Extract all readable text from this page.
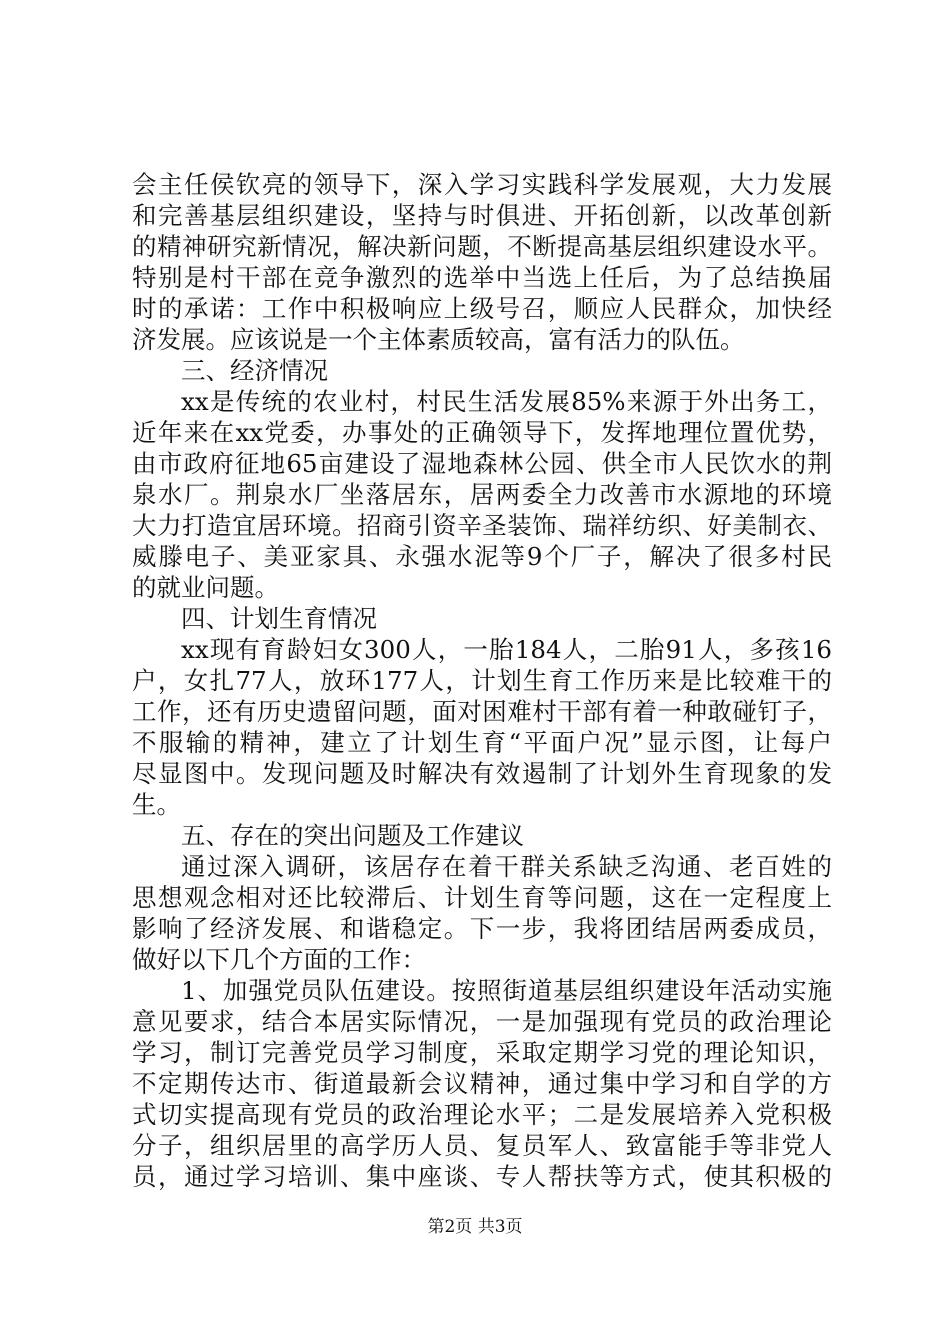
会主任侯钦亮的领导下，深入学习实践科学发展观，大力发展
和完善基层组织建设，坚持与时俱进、开拓创新，以改革创新
的精神研究新情况，解决新问题，不断提高基层组织建设水平。
特别是村干部在竞争激烈的选举中当选上任后，为了总结换届
时的承诺：工作中积极响应上级号召，顺应人民群众，加快经
济发展。应该说是一个主体素质较高，富有活力的队伍。
三、经济情况
xx是传统的农业村，村民生活发展85%来源于外出务工，
近年来在xx党委，办事处的正确领导下，发挥地理位置优势，
由市政府征地65亩建设了湿地森林公园、供全市人民饮水的荆
泉水厂。荆泉水厂坐落居东，居两委全力改善市水源地的环境
大力打造宜居环境。招商引资辛圣装饰、瑞祥纺织、好美制衣、
威滕电子、美亚家具、永强水泥等9个厂子，解决了很多村民
的就业问题。
四、计划生育情况
xx现有育龄妇女300人，一胎184人，二胎91人，多孩16
户，女扎77人，放环177人，计划生育工作历来是比较难干的
工作，还有历史遗留问题，面对困难村干部有着一种敢碰钉子，
不服输的精神，建立了计划生育“平面户况”显示图，让每户
尽显图中。发现问题及时解决有效遏制了计划外生育现象的发
生。
五、存在的突出问题及工作建议
通过深入调研，该居存在着干群关系缺乏沟通、老百姓的
思想观念相对还比较滞后、计划生育等问题，这在一定程度上
影响了经济发展、和谐稳定。下一步，我将团结居两委成员，
做好以下几个方面的工作：
1、加强党员队伍建设。按照街道基层组织建设年活动实施
意见要求，结合本居实际情况，一是加强现有党员的政治理论
学习，制订完善党员学习制度，采取定期学习党的理论知识，
不定期传达市、街道最新会议精神，通过集中学习和自学的方
式切实提高现有党员的政治理论水平；二是发展培养入党积极
分子，组织居里的高学历人员、复员军人、致富能手等非党人
员，通过学习培训、集中座谈、专人帮扶等方式，使其积极的
第2页 共3页
